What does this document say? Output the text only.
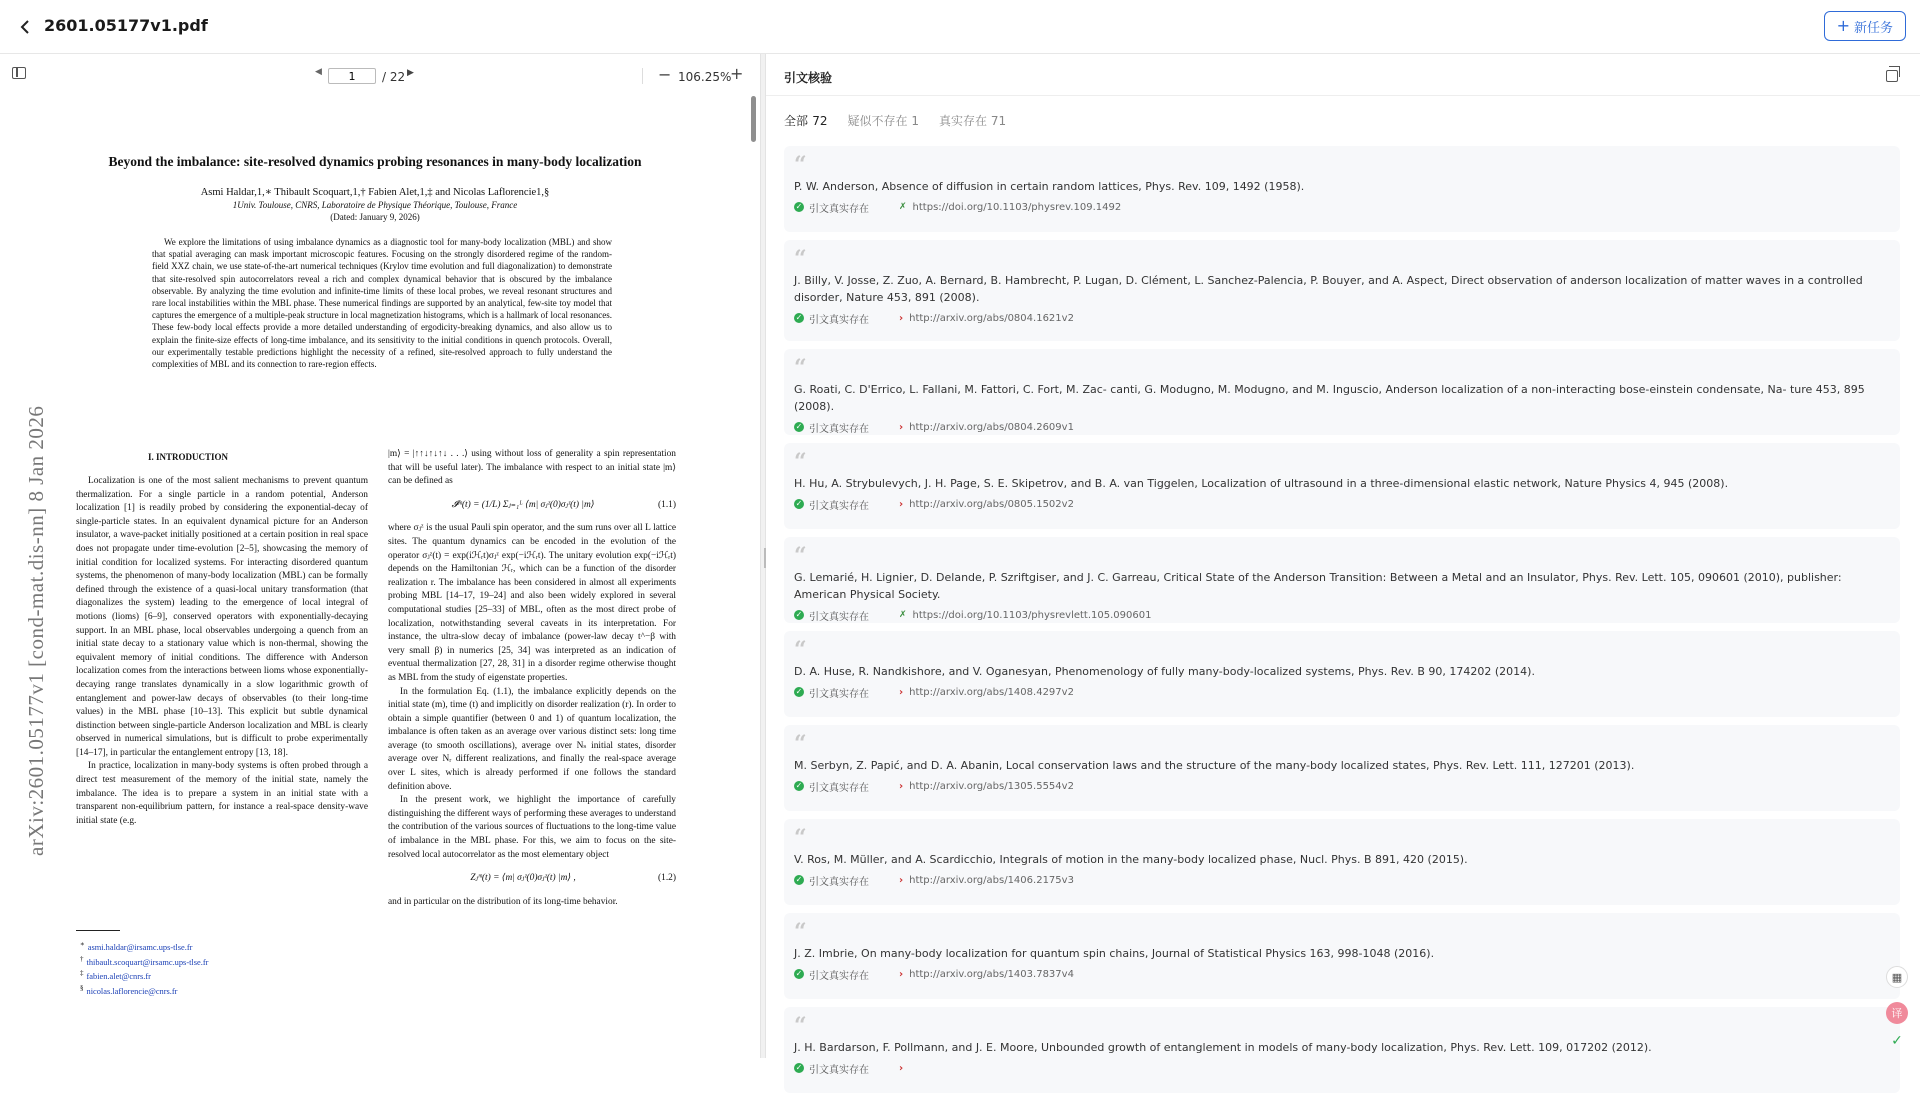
2601.05177v1.pdf	+ 新任务
◀
1	/ 22 ▶	− 106.25%
+
arXiv:2601.05177v1 [cond-mat.dis-nn] 8 Jan 2026
Beyond the imbalance: site-resolved dynamics probing resonances in many-body localization
Asmi Haldar,1,∗ Thibault Scoquart,1,† Fabien Alet,1,‡ and Nicolas Laflorencie1,§
1Univ. Toulouse, CNRS, Laboratoire de Physique Théorique, Toulouse, France
(Dated: January 9, 2026)
We explore the limitations of using imbalance dynamics as a diagnostic tool for many-body localization (MBL) and show that spatial averaging can mask important microscopic features. Focusing on the strongly disordered regime of the random-field XXZ chain, we use state-of-the-art numerical techniques (Krylov time evolution and full diagonalization) to demonstrate that site-resolved spin autocorrelators reveal a rich and complex dynamical behavior that is obscured by the imbalance observable. By analyzing the time evolution and infinite-time limits of these local probes, we reveal resonant structures and rare local instabilities within the MBL phase. These numerical findings are supported by an analytical, few-site toy model that captures the emergence of a multiple-peak structure in local magnetization histograms, which is a hallmark of local resonances. These few-body local effects provide a more detailed understanding of ergodicity-breaking dynamics, and also allow us to explain the finite-size effects of long-time imbalance, and its sensitivity to the initial conditions in quench protocols. Overall, our experimentally testable predictions highlight the necessity of a refined, site-resolved approach to fully understand the complexities of MBL and its connection to rare-region effects.
I. INTRODUCTION

Localization is one of the most salient mechanisms to prevent quantum thermalization. For a single particle in a random potential, Anderson localization [1] is readily probed by considering the exponential-decay of single-particle states. In an equivalent dynamical picture for an Anderson insulator, a wave-packet initially positioned at a certain position in real space does not propagate under time-evolution [2–5], showcasing the memory of initial condition for localized systems. For interacting disordered quantum systems, the phenomenon of many-body localization (MBL) can be formally defined through the existence of a quasi-local unitary transformation (that diagonalizes the system) leading to the emergence of local integral of motions (lioms) [6–9], conserved operators with exponentially-decaying support. In an MBL phase, local observables undergoing a quench from an initial state decay to a stationary value which is non-thermal, showing the equivalent memory of initial conditions. The difference with Anderson localization comes from the interactions between lioms whose exponentially-decaying range translates dynamically in a slow logarithmic growth of entanglement and power-law decays of observables (to their long-time values) in the MBL phase [10–13]. This explicit but subtle dynamical distinction between single-particle Anderson localization and MBL is clearly observed in numerical simulations, but is difficult to probe experimentally [14–17], in particular the entanglement entropy [13, 18].

In practice, localization in many-body systems is often probed through a direct test measurement of the memory of the initial state, namely the imbalance. The idea is to prepare a system in an initial state with a transparent non-equilibrium pattern, for instance a real-space density-wave initial state (e.g.

|m⟩ = |↑↑↓↑↓↑↓ . . .⟩ using without loss of generality a spin representation that will be useful later). The imbalance with respect to an initial state |m⟩ can be defined as

𝓘ᵐ(t) = (1/L) Σⱼ₌₁ᴸ ⟨m| σⱼᶻ(0)σⱼᶻ(t) |m⟩	(1.1)

where σⱼᶻ is the usual Pauli spin operator, and the sum runs over all L lattice sites. The quantum dynamics can be encoded in the evolution of the operator σⱼᶻ(t) = exp(iℋᵣt)σⱼᶻ exp(−iℋᵣt). The unitary evolution exp(−iℋᵣt) depends on the Hamiltonian ℋᵣ, which can be a function of the disorder realization r. The imbalance has been considered in almost all experiments probing MBL [14–17, 19–24] and also been widely explored in several computational studies [25–33] of MBL, often as the most direct probe of localization, notwithstanding several caveats in its interpretation. For instance, the ultra-slow decay of imbalance (power-law decay t^−β with very small β) in numerics [25, 34] was interpreted as an indication of eventual thermalization [27, 28, 31] in a disorder regime otherwise thought as MBL from the study of eigenstate properties.

In the formulation Eq. (1.1), the imbalance explicitly depends on the initial state (m), time (t) and implicitly on disorder realization (r). In order to obtain a simple quantifier (between 0 and 1) of quantum localization, the imbalance is often taken as an average over various distinct sets: long time average (to smooth oscillations), average over Nₛ initial states, disorder average over Nᵣ different realizations, and finally the real-space average over L sites, which is already performed if one follows the standard definition above.

In the present work, we highlight the importance of carefully distinguishing the different ways of performing these averages to understand the contribution of the various sources of fluctuations to the long-time value of imbalance in the MBL phase. For this, we aim to focus on the site-resolved local autocorrelator as the most elementary object

Zⱼᵐ(t) = ⟨m| σⱼᶻ(0)σⱼᶻ(t) |m⟩ ,	(1.2)

and in particular on the distribution of its long-time behavior.

∗ asmi.haldar@irsamc.ups-tlse.fr
† thibault.scoquart@irsamc.ups-tlse.fr
‡ fabien.alet@cnrs.fr
§ nicolas.laflorencie@cnrs.fr
引文核验
全部 72 疑似不存在 1 真实存在 71
“
P. W. Anderson, Absence of diffusion in certain random lattices, Phys. Rev. 109, 1492 (1958).
✓ 引文真实存在	✗ https://doi.org/10.1103/physrev.109.1492
“
J. Billy, V. Josse, Z. Zuo, A. Bernard, B. Hambrecht, P. Lugan, D. Clément, L. Sanchez-Palencia, P. Bouyer, and A. Aspect, Direct observation of anderson localization of matter waves in a controlled disorder, Nature 453, 891 (2008).
✓ 引文真实存在	› http://arxiv.org/abs/0804.1621v2
“
G. Roati, C. D'Errico, L. Fallani, M. Fattori, C. Fort, M. Zac- canti, G. Modugno, M. Modugno, and M. Inguscio, Anderson localization of a non-interacting bose-einstein condensate, Na- ture 453, 895 (2008).
✓ 引文真实存在	› http://arxiv.org/abs/0804.2609v1
“
H. Hu, A. Strybulevych, J. H. Page, S. E. Skipetrov, and B. A. van Tiggelen, Localization of ultrasound in a three-dimensional elastic network, Nature Physics 4, 945 (2008).
✓ 引文真实存在	› http://arxiv.org/abs/0805.1502v2
“
G. Lemarié, H. Lignier, D. Delande, P. Szriftgiser, and J. C. Garreau, Critical State of the Anderson Transition: Between a Metal and an Insulator, Phys. Rev. Lett. 105, 090601 (2010), publisher: American Physical Society.
✓ 引文真实存在	✗ https://doi.org/10.1103/physrevlett.105.090601
“
D. A. Huse, R. Nandkishore, and V. Oganesyan, Phenomenology of fully many-body-localized systems, Phys. Rev. B 90, 174202 (2014).
✓ 引文真实存在	› http://arxiv.org/abs/1408.4297v2
“
M. Serbyn, Z. Papić, and D. A. Abanin, Local conservation laws and the structure of the many-body localized states, Phys. Rev. Lett. 111, 127201 (2013).
✓ 引文真实存在	› http://arxiv.org/abs/1305.5554v2
“
V. Ros, M. Müller, and A. Scardicchio, Integrals of motion in the many-body localized phase, Nucl. Phys. B 891, 420 (2015).
✓ 引文真实存在	› http://arxiv.org/abs/1406.2175v3
“
J. Z. Imbrie, On many-body localization for quantum spin chains, Journal of Statistical Physics 163, 998-1048 (2016).
✓ 引文真实存在	› http://arxiv.org/abs/1403.7837v4
“
J. H. Bardarson, F. Pollmann, and J. E. Moore, Unbounded growth of entanglement in models of many-body localization, Phys. Rev. Lett. 109, 017202 (2012).
✓ 引文真实存在	›
▦
译
✓
